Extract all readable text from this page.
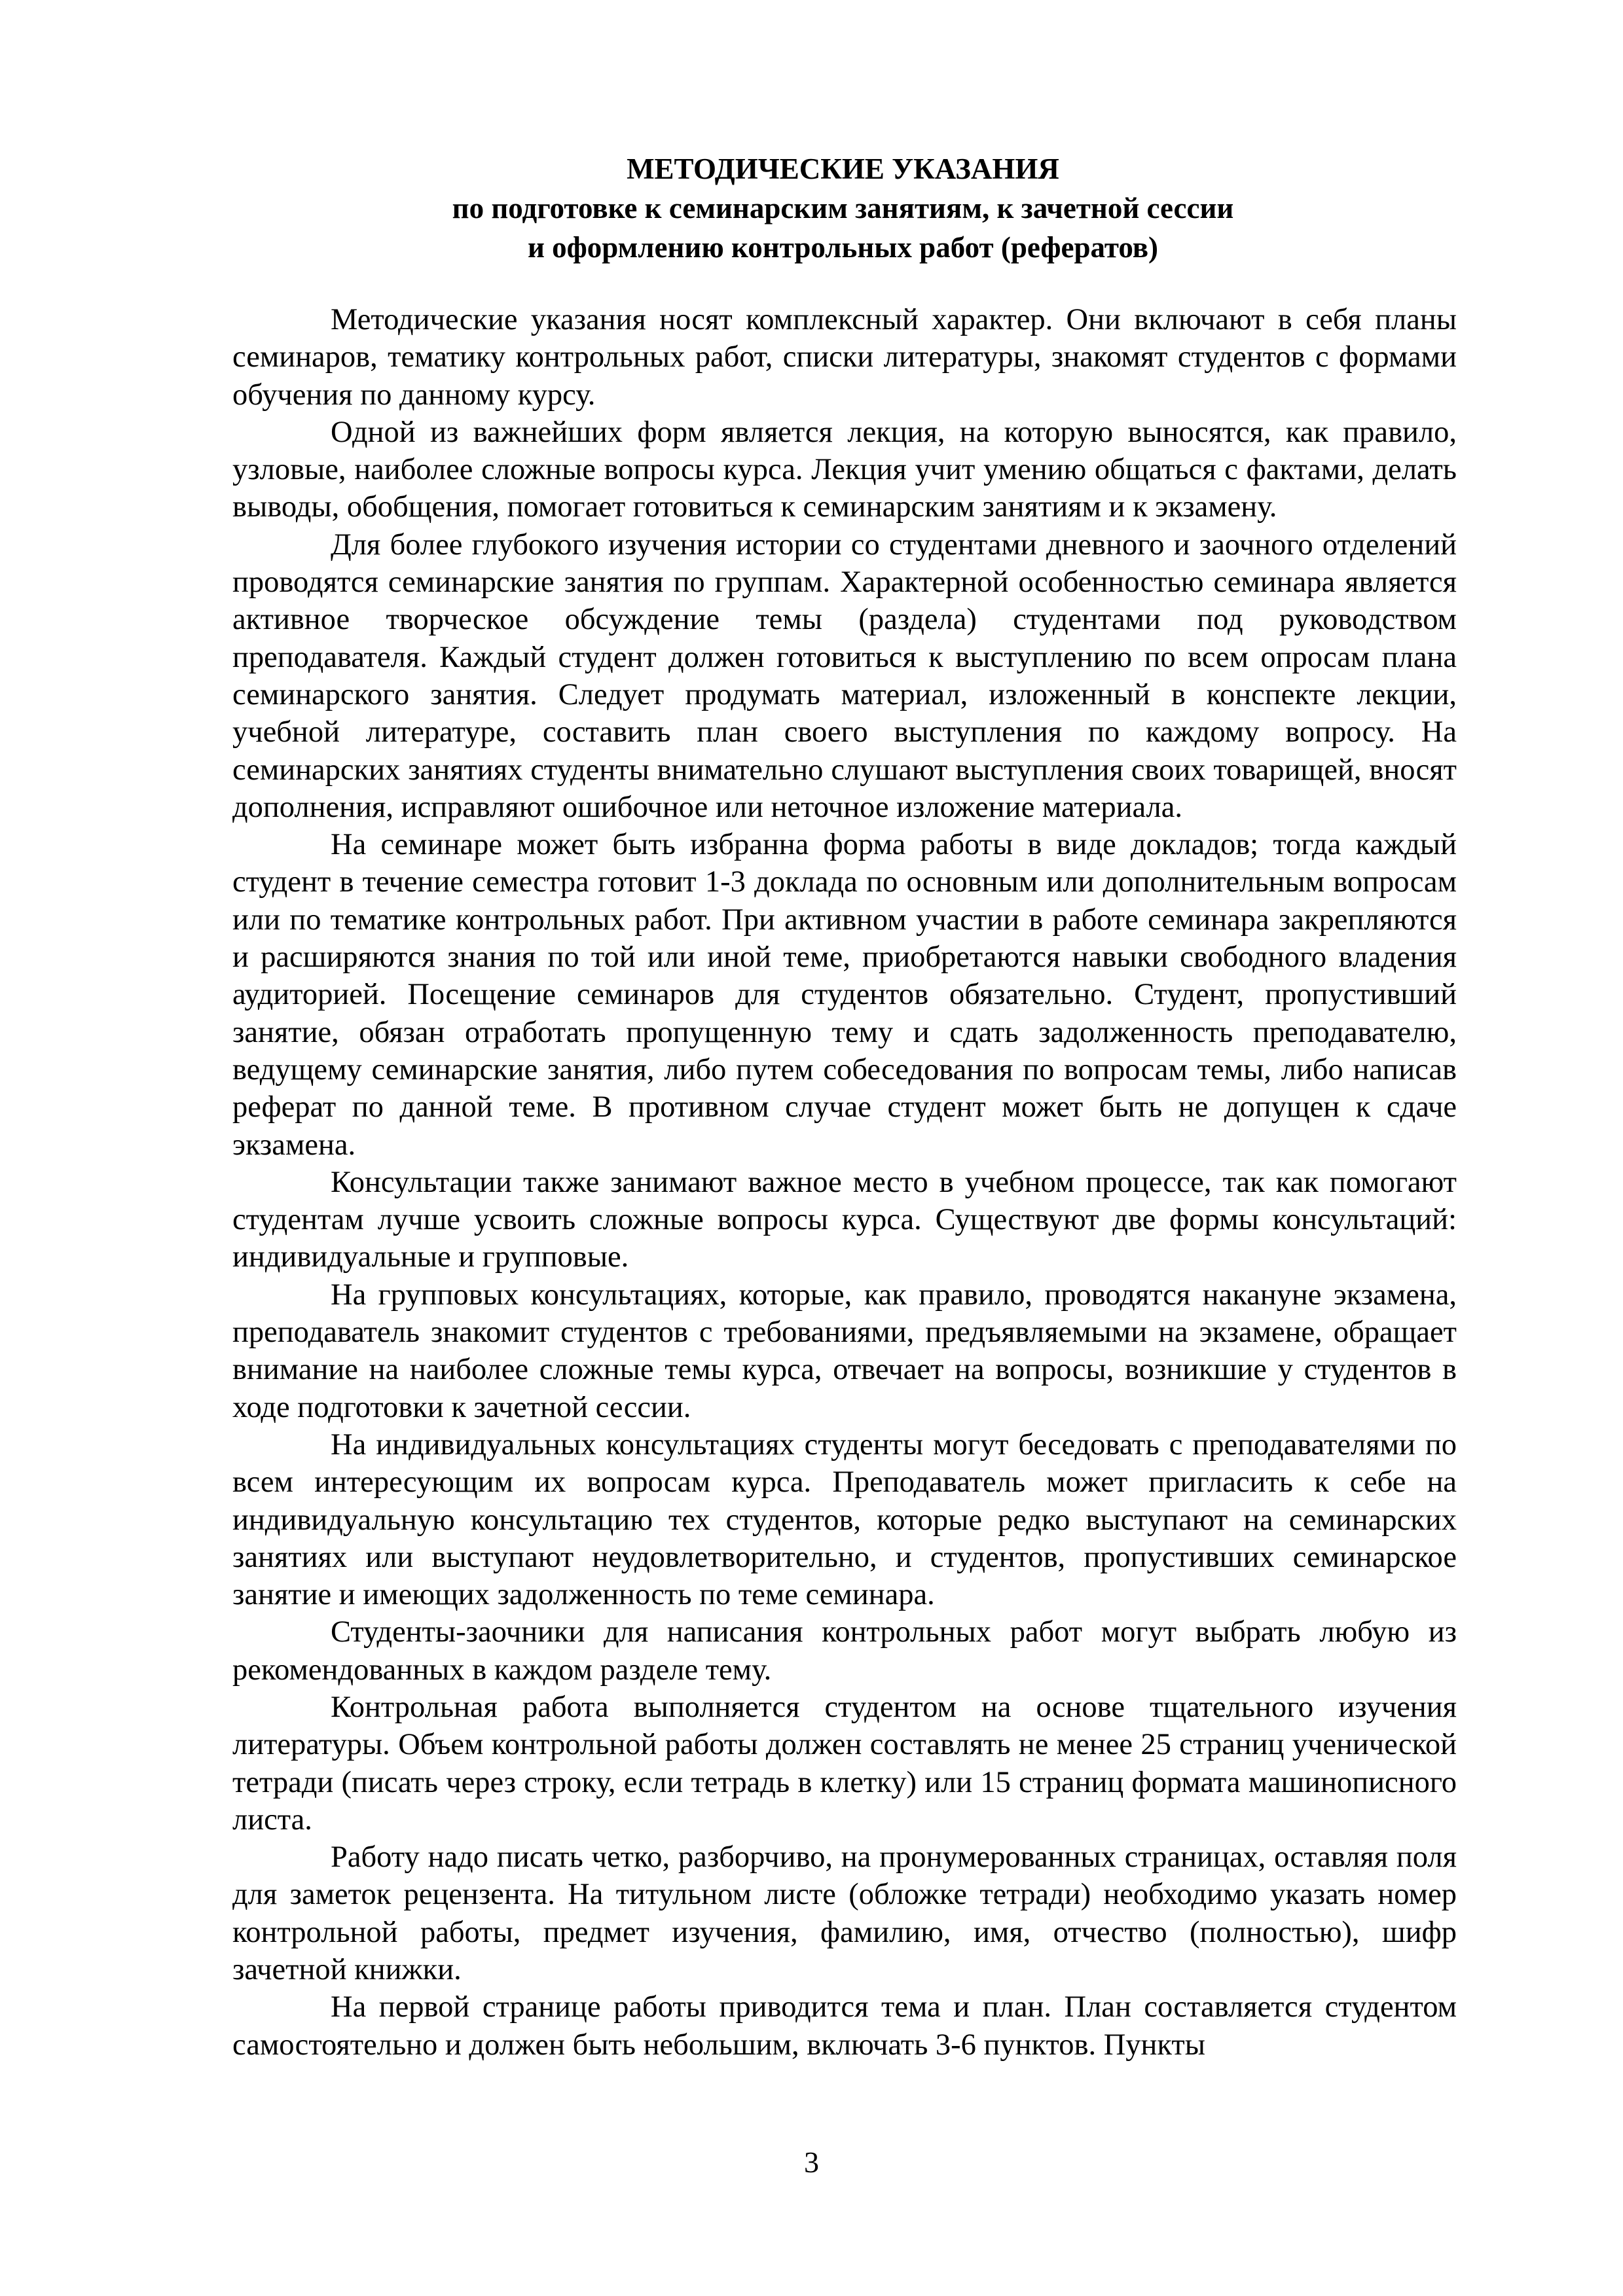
МЕТОДИЧЕСКИЕ УКАЗАНИЯ
по подготовке к семинарским занятиям, к зачетной сессии
и оформлению контрольных работ (рефератов)

Методические указания носят комплексный характер. Они включают в себя планы семинаров, тематику контрольных работ, списки литературы, знакомят студентов с формами обучения по данному курсу.

Одной из важнейших форм является лекция, на которую выносятся, как правило, узловые, наиболее сложные вопросы курса. Лекция учит умению общаться с фактами, делать выводы, обобщения, помогает готовиться к семинарским занятиям и к экзамену.

Для более глубокого изучения истории со студентами дневного и заочного отделений проводятся семинарские занятия по группам. Характерной особенностью семинара является активное творческое обсуждение темы (раздела) студентами под руководством преподавателя. Каждый студент должен готовиться к выступлению по всем опросам плана семинарского занятия. Следует продумать материал, изложенный в конспекте лекции, учебной литературе, составить план своего выступления по каждому вопросу. На семинарских занятиях студенты внимательно слушают выступления своих товарищей, вносят дополнения, исправляют ошибочное или неточное изложение материала.

На семинаре может быть избранна форма работы в виде докладов; тогда каждый студент в течение семестра готовит 1-3 доклада по основным или дополнительным вопросам или по тематике контрольных работ. При активном участии в работе семинара закрепляются и расширяются знания по той или иной теме, приобретаются навыки свободного владения аудиторией. Посещение семинаров для студентов обязательно. Студент, пропустивший занятие, обязан отработать пропущенную тему и сдать задолженность преподавателю, ведущему семинарские занятия, либо путем собеседования по вопросам темы, либо написав реферат по данной теме. В противном случае студент может быть не допущен к сдаче экзамена.

Консультации также занимают важное место в учебном процессе, так как помогают студентам лучше усвоить сложные вопросы курса. Существуют две формы консультаций: индивидуальные и групповые.

На групповых консультациях, которые, как правило, проводятся накануне экзамена, преподаватель знакомит студентов с требованиями, предъявляемыми на экзамене, обращает внимание на наиболее сложные темы курса, отвечает на вопросы, возникшие у студентов в ходе подготовки к зачетной сессии.

На индивидуальных консультациях студенты могут беседовать с преподавателями по всем интересующим их вопросам курса. Преподаватель может пригласить к себе на индивидуальную консультацию тех студентов, которые редко выступают на семинарских занятиях или выступают неудовлетворительно, и студентов, пропустивших семинарское занятие и имеющих задолженность по теме семинара.

Студенты-заочники для написания контрольных работ могут выбрать любую из рекомендованных в каждом разделе тему.

Контрольная работа выполняется студентом на основе тщательного изучения литературы. Объем контрольной работы должен составлять не менее 25 страниц ученической тетради (писать через строку, если тетрадь в клетку) или 15 страниц формата машинописного листа.

Работу надо писать четко, разборчиво, на пронумерованных страницах, оставляя поля для заметок рецензента. На титульном листе (обложке тетради) необходимо указать номер контрольной работы, предмет изучения, фамилию, имя, отчество (полностью), шифр зачетной книжки.

На первой странице работы приводится тема и план. План составляется студентом самостоятельно и должен быть небольшим, включать 3-6 пунктов. Пункты

3
